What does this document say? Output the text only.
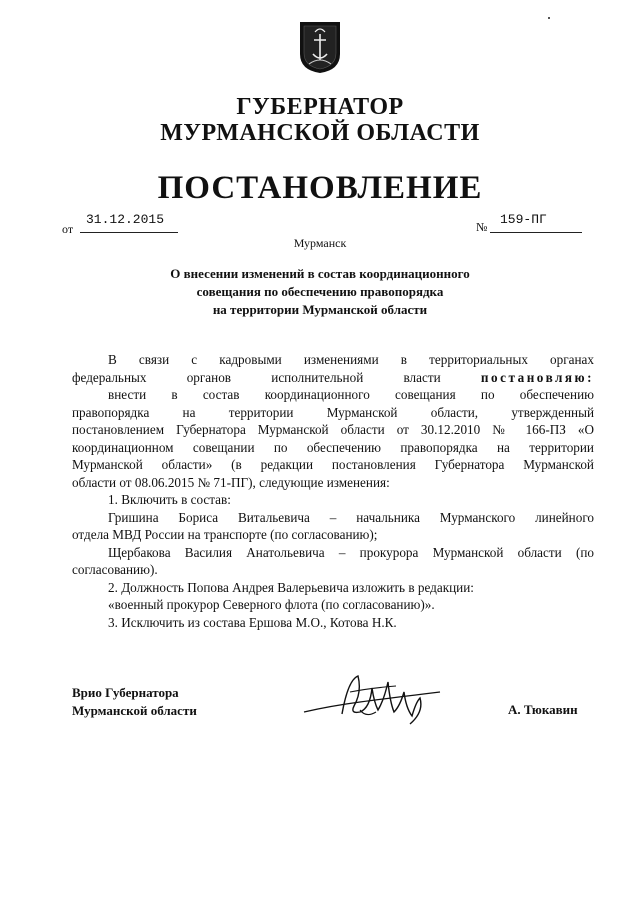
ГУБЕРНАТОР
МУРМАНСКОЙ ОБЛАСТИ
ПОСТАНОВЛЕНИЕ
от
31.12.2015	№ 159-ПГ
Мурманск
О внесении изменений в состав координационного
совещания по обеспечению правопорядка
на территории Мурманской области

В связи с кадровыми изменениями в территориальных органах

федеральных органов исполнительной власти	постановляю:

внести в состав координационного совещания по обеспечению

правопорядка на территории Мурманской области, утвержденный

постановлением Губернатора Мурманской области от 30.12.2010 № 166-ПЗ «О

координационном совещании по обеспечению правопорядка на территории

Мурманской области» (в редакции постановления Губернатора Мурманской

области от 08.06.2015 № 71-ПГ), следующие изменения:

1. Включить в состав:

Гришина Бориса Витальевича – начальника Мурманского линейного

отдела МВД России на транспорте (по согласованию);

Щербакова Василия Анатольевича – прокурора Мурманской области (по

согласованию).

2. Должность Попова Андрея Валерьевича изложить в редакции:

«военный прокурор Северного флота (по согласованию)».

3. Исключить из состава Ершова М.О., Котова Н.К.

Врио Губернатора
Мурманской области	А. Тюкавин
